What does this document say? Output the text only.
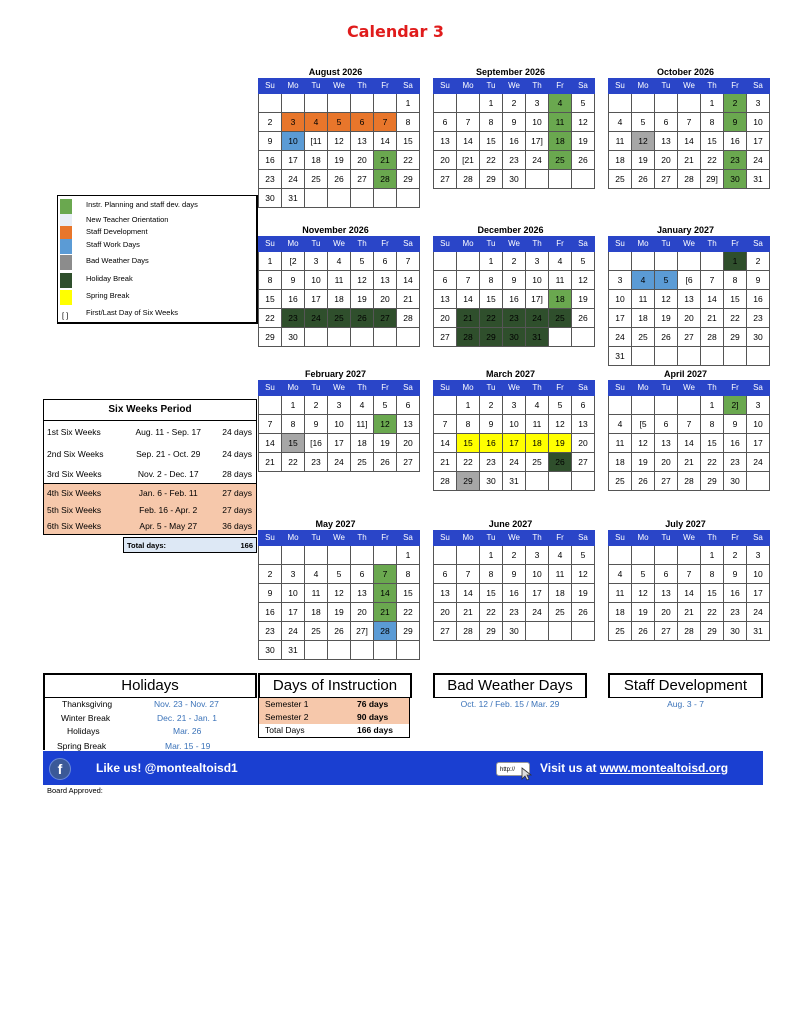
Calendar 3
August 2026
Su	Mo	Tu	We	Th	Fr	Sa
						1
2	3	4	5	6	7	8
9	10	[11	12	13	14	15
16	17	18	19	20	21	22
23	24	25	26	27	28	29
30	31					
September 2026
Su	Mo	Tu	We	Th	Fr	Sa
		1	2	3	4	5
6	7	8	9	10	11	12
13	14	15	16	17]	18	19
20	[21	22	23	24	25	26
27	28	29	30			
October 2026
Su	Mo	Tu	We	Th	Fr	Sa
				1	2	3
4	5	6	7	8	9	10
11	12	13	14	15	16	17
18	19	20	21	22	23	24
25	26	27	28	29]	30	31
November 2026
Su	Mo	Tu	We	Th	Fr	Sa
1	[2	3	4	5	6	7
8	9	10	11	12	13	14
15	16	17	18	19	20	21
22	23	24	25	26	27	28
29	30					
December 2026
Su	Mo	Tu	We	Th	Fr	Sa
		1	2	3	4	5
6	7	8	9	10	11	12
13	14	15	16	17]	18	19
20	21	22	23	24	25	26
27	28	29	30	31		
January 2027
Su	Mo	Tu	We	Th	Fr	Sa
					1	2
3	4	5	[6	7	8	9
10	11	12	13	14	15	16
17	18	19	20	21	22	23
24	25	26	27	28	29	30
31						
February 2027
Su	Mo	Tu	We	Th	Fr	Sa
	1	2	3	4	5	6
7	8	9	10	11]	12	13
14	15	[16	17	18	19	20
21	22	23	24	25	26	27
March 2027
Su	Mo	Tu	We	Th	Fr	Sa
	1	2	3	4	5	6
7	8	9	10	11	12	13
14	15	16	17	18	19	20
21	22	23	24	25	26	27
28	29	30	31			
April 2027
Su	Mo	Tu	We	Th	Fr	Sa
				1	2]	3
4	[5	6	7	8	9	10
11	12	13	14	15	16	17
18	19	20	21	22	23	24
25	26	27	28	29	30	
May 2027
Su	Mo	Tu	We	Th	Fr	Sa
						1
2	3	4	5	6	7	8
9	10	11	12	13	14	15
16	17	18	19	20	21	22
23	24	25	26	27]	28	29
30	31					
June 2027
Su	Mo	Tu	We	Th	Fr	Sa
		1	2	3	4	5
6	7	8	9	10	11	12
13	14	15	16	17	18	19
20	21	22	23	24	25	26
27	28	29	30			
July 2027
Su	Mo	Tu	We	Th	Fr	Sa
				1	2	3
4	5	6	7	8	9	10
11	12	13	14	15	16	17
18	19	20	21	22	23	24
25	26	27	28	29	30	31
Instr. Planning and staff dev. days
New Teacher Orientation
Staff Development
Staff Work Days
Bad Weather Days
Holiday Break
Spring Break
[ ] First/Last Day of Six Weeks
Six Weeks Period
1st Six Weeks	Aug. 11 - Sep. 17	24 days
2nd Six Weeks	Sep. 21 - Oct. 29	24 days
3rd Six Weeks	Nov. 2 - Dec. 17	28 days
4th Six Weeks	Jan. 6 - Feb. 11	27 days
5th Six Weeks	Feb. 16 - Apr. 2	27 days
6th Six Weeks	Apr. 5 - May 27	36 days
Total days:	166
Holidays
Thanksgiving	Nov. 23 - Nov. 27
Winter Break	Dec. 21 - Jan. 1
Holidays	Mar. 26
Spring Break	Mar. 15 - 19
Days of Instruction
Semester 1	76 days
Semester 2	90 days
Total Days	166 days
Bad Weather Days
Oct. 12 / Feb. 15 / Mar. 29
Staff Development
Aug. 3 - 7
f	Like us! @montealtoisd1	http://	Visit us at www.montealtoisd.org
Board Approved:
